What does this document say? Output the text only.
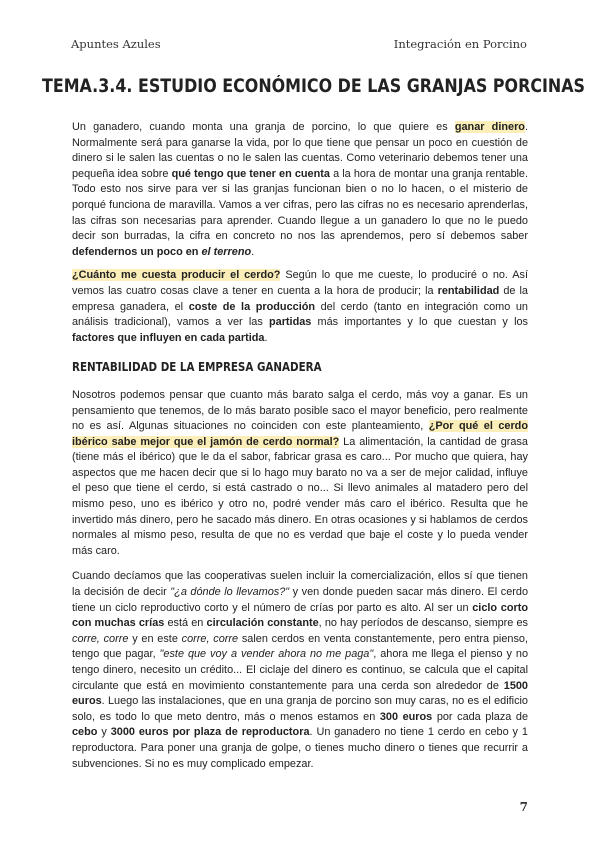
Apuntes Azules	Integración en Porcino
TEMA.3.4. ESTUDIO ECONÓMICO DE LAS GRANJAS PORCINAS

Un ganadero, cuando monta una granja de porcino, lo que quiere es ganar dinero. Normalmente será para ganarse la vida, por lo que tiene que pensar un poco en cuestión de dinero si le salen las cuentas o no le salen las cuentas. Como veterinario debemos tener una pequeña idea sobre qué tengo que tener en cuenta a la hora de montar una granja rentable. Todo esto nos sirve para ver si las granjas funcionan bien o no lo hacen, o el misterio de porqué funciona de maravilla. Vamos a ver cifras, pero las cifras no es necesario aprenderlas, las cifras son necesarias para aprender. Cuando llegue a un ganadero lo que no le puedo decir son burradas, la cifra en concreto no nos las aprendemos, pero sí debemos saber defendernos un poco en el terreno.

¿Cuánto me cuesta producir el cerdo? Según lo que me cueste, lo produciré o no. Así vemos las cuatro cosas clave a tener en cuenta a la hora de producir; la rentabilidad de la empresa ganadera, el coste de la producción del cerdo (tanto en integración como un análisis tradicional), vamos a ver las partidas más importantes y lo que cuestan y los factores que influyen en cada partida.

RENTABILIDAD DE LA EMPRESA GANADERA

Nosotros podemos pensar que cuanto más barato salga el cerdo, más voy a ganar. Es un pensamiento que tenemos, de lo más barato posible saco el mayor beneficio, pero realmente no es así. Algunas situaciones no coinciden con este planteamiento, ¿Por qué el cerdo ibérico sabe mejor que el jamón de cerdo normal? La alimentación, la cantidad de grasa (tiene más el ibérico) que le da el sabor, fabricar grasa es caro... Por mucho que quiera, hay aspectos que me hacen decir que si lo hago muy barato no va a ser de mejor calidad, influye el peso que tiene el cerdo, si está castrado o no... Si llevo animales al matadero pero del mismo peso, uno es ibérico y otro no, podré vender más caro el ibérico. Resulta que he invertido más dinero, pero he sacado más dinero. En otras ocasiones y si hablamos de cerdos normales al mismo peso, resulta de que no es verdad que baje el coste y lo pueda vender más caro.

Cuando decíamos que las cooperativas suelen incluir la comercialización, ellos sí que tienen la decisión de decir "¿a dónde lo llevamos?" y ven donde pueden sacar más dinero. El cerdo tiene un ciclo reproductivo corto y el número de crías por parto es alto. Al ser un ciclo corto con muchas crías está en circulación constante, no hay períodos de descanso, siempre es corre, corre y en este corre, corre salen cerdos en venta constantemente, pero entra pienso, tengo que pagar, "este que voy a vender ahora no me paga", ahora me llega el pienso y no tengo dinero, necesito un crédito... El ciclaje del dinero es continuo, se calcula que el capital circulante que está en movimiento constantemente para una cerda son alrededor de 1500 euros. Luego las instalaciones, que en una granja de porcino son muy caras, no es el edificio solo, es todo lo que meto dentro, más o menos estamos en 300 euros por cada plaza de cebo y 3000 euros por plaza de reproductora. Un ganadero no tiene 1 cerdo en cebo y 1 reproductora. Para poner una granja de golpe, o tienes mucho dinero o tienes que recurrir a subvenciones. Si no es muy complicado empezar.

7
